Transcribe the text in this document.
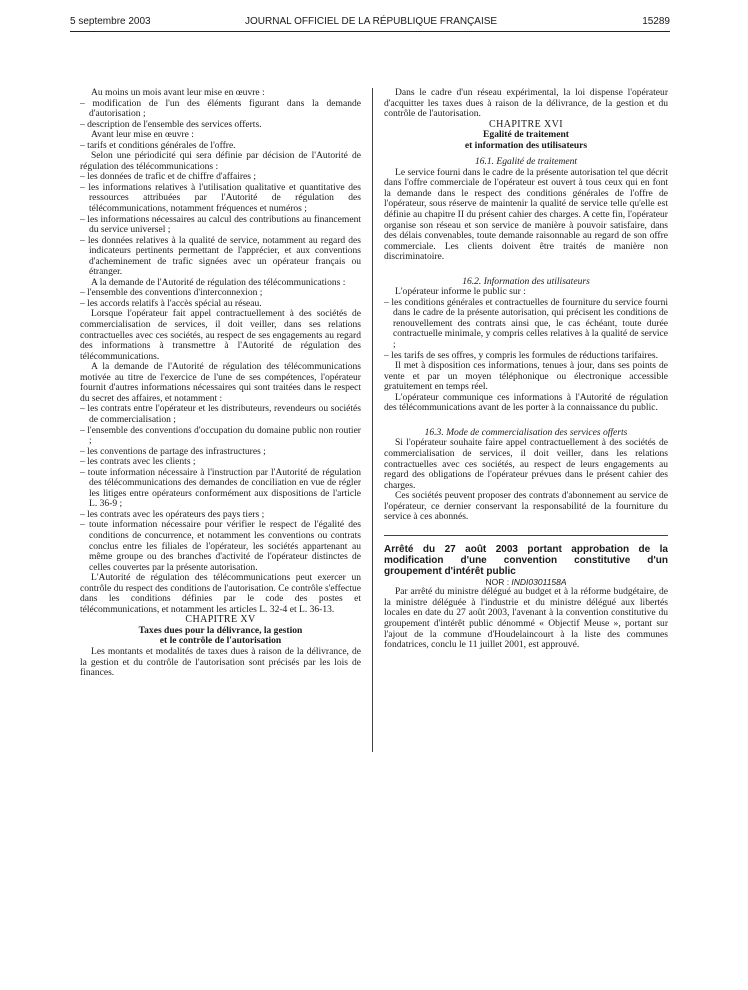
5 septembre 2003	JOURNAL OFFICIEL DE LA RÉPUBLIQUE FRANÇAISE	15289

Au moins un mois avant leur mise en œuvre :

– modification de l'un des éléments figurant dans la demande d'autorisation ;

– description de l'ensemble des services offerts.

Avant leur mise en œuvre :

– tarifs et conditions générales de l'offre.

Selon une périodicité qui sera définie par décision de l'Autorité de régulation des télécommunications :

– les données de trafic et de chiffre d'affaires ;

– les informations relatives à l'utilisation qualitative et quantitative des ressources attribuées par l'Autorité de régulation des télécommunications, notamment fréquences et numéros ;

– les informations nécessaires au calcul des contributions au financement du service universel ;

– les données relatives à la qualité de service, notamment au regard des indicateurs pertinents permettant de l'apprécier, et aux conventions d'acheminement de trafic signées avec un opérateur français ou étranger.

A la demande de l'Autorité de régulation des télécommunications :

– l'ensemble des conventions d'interconnexion ;

– les accords relatifs à l'accès spécial au réseau.

Lorsque l'opérateur fait appel contractuellement à des sociétés de commercialisation de services, il doit veiller, dans ses relations contractuelles avec ces sociétés, au respect de ses engagements au regard des informations à transmettre à l'Autorité de régulation des télécommunications.

A la demande de l'Autorité de régulation des télécommunications motivée au titre de l'exercice de l'une de ses compétences, l'opérateur fournit d'autres informations nécessaires qui sont traitées dans le respect du secret des affaires, et notamment :

– les contrats entre l'opérateur et les distributeurs, revendeurs ou sociétés de commercialisation ;

– l'ensemble des conventions d'occupation du domaine public non routier ;

– les conventions de partage des infrastructures ;

– les contrats avec les clients ;

– toute information nécessaire à l'instruction par l'Autorité de régulation des télécommunications des demandes de conciliation en vue de régler les litiges entre opérateurs conformément aux dispositions de l'article L. 36-9 ;

– les contrats avec les opérateurs des pays tiers ;

– toute information nécessaire pour vérifier le respect de l'égalité des conditions de concurrence, et notamment les conventions ou contrats conclus entre les filiales de l'opérateur, les sociétés appartenant au même groupe ou des branches d'activité de l'opérateur distinctes de celles couvertes par la présente autorisation.

L'Autorité de régulation des télécommunications peut exercer un contrôle du respect des conditions de l'autorisation. Ce contrôle s'effectue dans les conditions définies par le code des postes et télécommunications, et notamment les articles L. 32-4 et L. 36-13.

CHAPITRE XV

Taxes dues pour la délivrance, la gestion

et le contrôle de l'autorisation

Les montants et modalités de taxes dues à raison de la délivrance, de la gestion et du contrôle de l'autorisation sont précisés par les lois de finances.

Dans le cadre d'un réseau expérimental, la loi dispense l'opérateur d'acquitter les taxes dues à raison de la délivrance, de la gestion et du contrôle de l'autorisation.

CHAPITRE XVI

Egalité de traitement

et information des utilisateurs

16.1. Egalité de traitement

Le service fourni dans le cadre de la présente autorisation tel que décrit dans l'offre commerciale de l'opérateur est ouvert à tous ceux qui en font la demande dans le respect des conditions générales de l'offre de l'opérateur, sous réserve de maintenir la qualité de service telle qu'elle est définie au chapitre II du présent cahier des charges. A cette fin, l'opérateur organise son réseau et son service de manière à pouvoir satisfaire, dans des délais convenables, toute demande raisonnable au regard de son offre commerciale. Les clients doivent être traités de manière non discriminatoire.

16.2. Information des utilisateurs

L'opérateur informe le public sur :

– les conditions générales et contractuelles de fourniture du service fourni dans le cadre de la présente autorisation, qui précisent les conditions de renouvellement des contrats ainsi que, le cas échéant, toute durée contractuelle minimale, y compris celles relatives à la qualité de service ;

– les tarifs de ses offres, y compris les formules de réductions tarifaires.

Il met à disposition ces informations, tenues à jour, dans ses points de vente et par un moyen téléphonique ou électronique accessible gratuitement en temps réel.

L'opérateur communique ces informations à l'Autorité de régulation des télécommunications avant de les porter à la connaissance du public.

16.3. Mode de commercialisation des services offerts

Si l'opérateur souhaite faire appel contractuellement à des sociétés de commercialisation de services, il doit veiller, dans les relations contractuelles avec ces sociétés, au respect de leurs engagements au regard des obligations de l'opérateur prévues dans le présent cahier des charges.

Ces sociétés peuvent proposer des contrats d'abonnement au service de l'opérateur, ce dernier conservant la responsabilité de la fourniture du service à ces abonnés.

Arrêté du 27 août 2003 portant approbation de la modification d'une convention constitutive d'un groupement d'intérêt public

NOR : INDI0301158A

Par arrêté du ministre délégué au budget et à la réforme budgétaire, de la ministre déléguée à l'industrie et du ministre délégué aux libertés locales en date du 27 août 2003, l'avenant à la convention constitutive du groupement d'intérêt public dénommé « Objectif Meuse », portant sur l'ajout de la commune d'Houdelaincourt à la liste des communes fondatrices, conclu le 11 juillet 2001, est approuvé.
